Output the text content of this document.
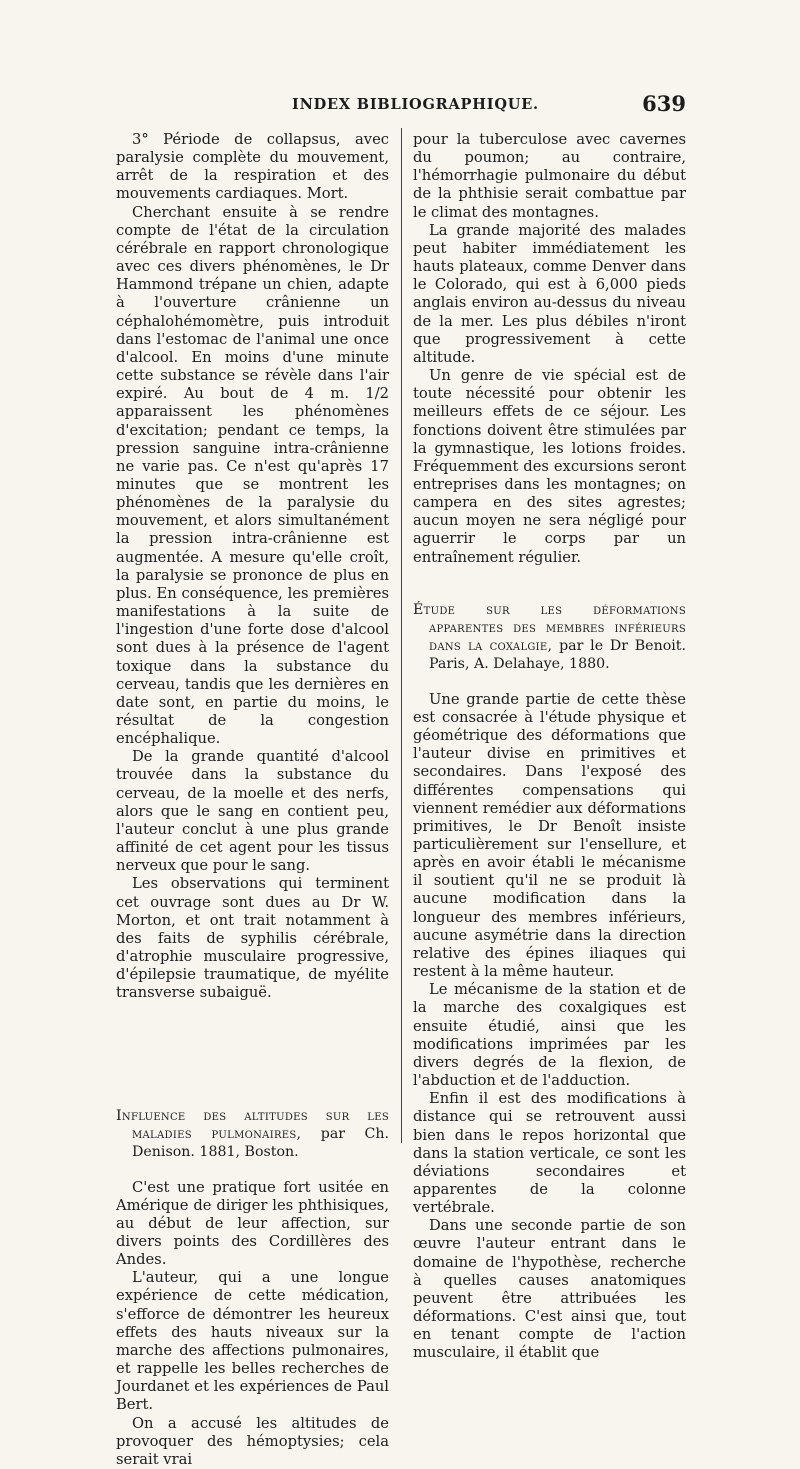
INDEX BIBLIOGRAPHIQUE.	639

3° Période de collapsus, avec paralysie complète du mouvement, arrêt de la respiration et des mouvements cardiaques. Mort.

Cherchant ensuite à se rendre compte de l'état de la circulation cérébrale en rapport chronologique avec ces divers phénomènes, le Dr Hammond trépane un chien, adapte à l'ouverture crânienne un céphalohémomètre, puis introduit dans l'estomac de l'animal une once d'alcool. En moins d'une minute cette substance se révèle dans l'air expiré. Au bout de 4 m. 1/2 apparaissent les phénomènes d'excitation; pendant ce temps, la pression sanguine intra-crânienne ne varie pas. Ce n'est qu'après 17 minutes que se montrent les phénomènes de la paralysie du mouvement, et alors simultanément la pression intra-crânienne est augmentée. A mesure qu'elle croît, la paralysie se prononce de plus en plus. En conséquence, les premières manifestations à la suite de l'ingestion d'une forte dose d'alcool sont dues à la présence de l'agent toxique dans la substance du cerveau, tandis que les dernières en date sont, en partie du moins, le résultat de la congestion encéphalique.

De la grande quantité d'alcool trouvée dans la substance du cerveau, de la moelle et des nerfs, alors que le sang en contient peu, l'auteur conclut à une plus grande affinité de cet agent pour les tissus nerveux que pour le sang.

Les observations qui terminent cet ouvrage sont dues au Dr W. Morton, et ont trait notamment à des faits de syphilis cérébrale, d'atrophie musculaire progressive, d'épilepsie traumatique, de myélite transverse subaiguë.

Influence des altitudes sur les maladies pulmonaires, par Ch. Denison. 1881, Boston.

C'est une pratique fort usitée en Amérique de diriger les phthisiques, au début de leur affection, sur divers points des Cordillères des Andes.

L'auteur, qui a une longue expérience de cette médication, s'efforce de démontrer les heureux effets des hauts niveaux sur la marche des affections pulmonaires, et rappelle les belles recherches de Jourdanet et les expériences de Paul Bert.

On a accusé les altitudes de provoquer des hémoptysies; cela serait vrai

pour la tuberculose avec cavernes du poumon; au contraire, l'hémorrhagie pulmonaire du début de la phthisie serait combattue par le climat des montagnes.

La grande majorité des malades peut habiter immédiatement les hauts plateaux, comme Denver dans le Colorado, qui est à 6,000 pieds anglais environ au-dessus du niveau de la mer. Les plus débiles n'iront que progressivement à cette altitude.

Un genre de vie spécial est de toute nécessité pour obtenir les meilleurs effets de ce séjour. Les fonctions doivent être stimulées par la gymnastique, les lotions froides. Fréquemment des excursions seront entreprises dans les montagnes; on campera en des sites agrestes; aucun moyen ne sera négligé pour aguerrir le corps par un entraînement régulier.

Étude sur les déformations apparentes des membres inférieurs dans la coxalgie, par le Dr Benoit. Paris, A. Delahaye, 1880.

Une grande partie de cette thèse est consacrée à l'étude physique et géométrique des déformations que l'auteur divise en primitives et secondaires. Dans l'exposé des différentes compensations qui viennent remédier aux déformations primitives, le Dr Benoît insiste particulièrement sur l'ensellure, et après en avoir établi le mécanisme il soutient qu'il ne se produit là aucune modification dans la longueur des membres inférieurs, aucune asymétrie dans la direction relative des épines iliaques qui restent à la même hauteur.

Le mécanisme de la station et de la marche des coxalgiques est ensuite étudié, ainsi que les modifications imprimées par les divers degrés de la flexion, de l'abduction et de l'adduction.

Enfin il est des modifications à distance qui se retrouvent aussi bien dans le repos horizontal que dans la station verticale, ce sont les déviations secondaires et apparentes de la colonne vertébrale.

Dans une seconde partie de son œuvre l'auteur entrant dans le domaine de l'hypothèse, recherche à quelles causes anatomiques peuvent être attribuées les déformations. C'est ainsi que, tout en tenant compte de l'action musculaire, il établit que
